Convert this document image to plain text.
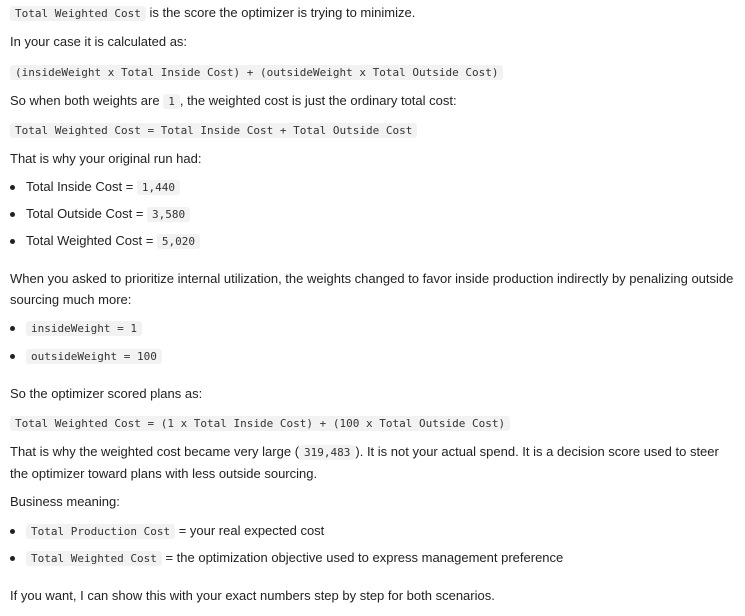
Total Weighted Cost is the score the optimizer is trying to minimize.
In your case it is calculated as:
(insideWeight x Total Inside Cost) + (outsideWeight x Total Outside Cost)
So when both weights are 1 , the weighted cost is just the ordinary total cost:
Total Weighted Cost = Total Inside Cost + Total Outside Cost
That is why your original run had:
Total Inside Cost = 1,440
Total Outside Cost = 3,580
Total Weighted Cost = 5,020
When you asked to prioritize internal utilization, the weights changed to favor inside production indirectly by penalizing outside sourcing much more:
insideWeight = 1
outsideWeight = 100
So the optimizer scored plans as:
Total Weighted Cost = (1 x Total Inside Cost) + (100 x Total Outside Cost)
That is why the weighted cost became very large ( 319,483 ). It is not your actual spend. It is a decision score used to steer the optimizer toward plans with less outside sourcing.
Business meaning:
Total Production Cost = your real expected cost
Total Weighted Cost = the optimization objective used to express management preference
If you want, I can show this with your exact numbers step by step for both scenarios.
